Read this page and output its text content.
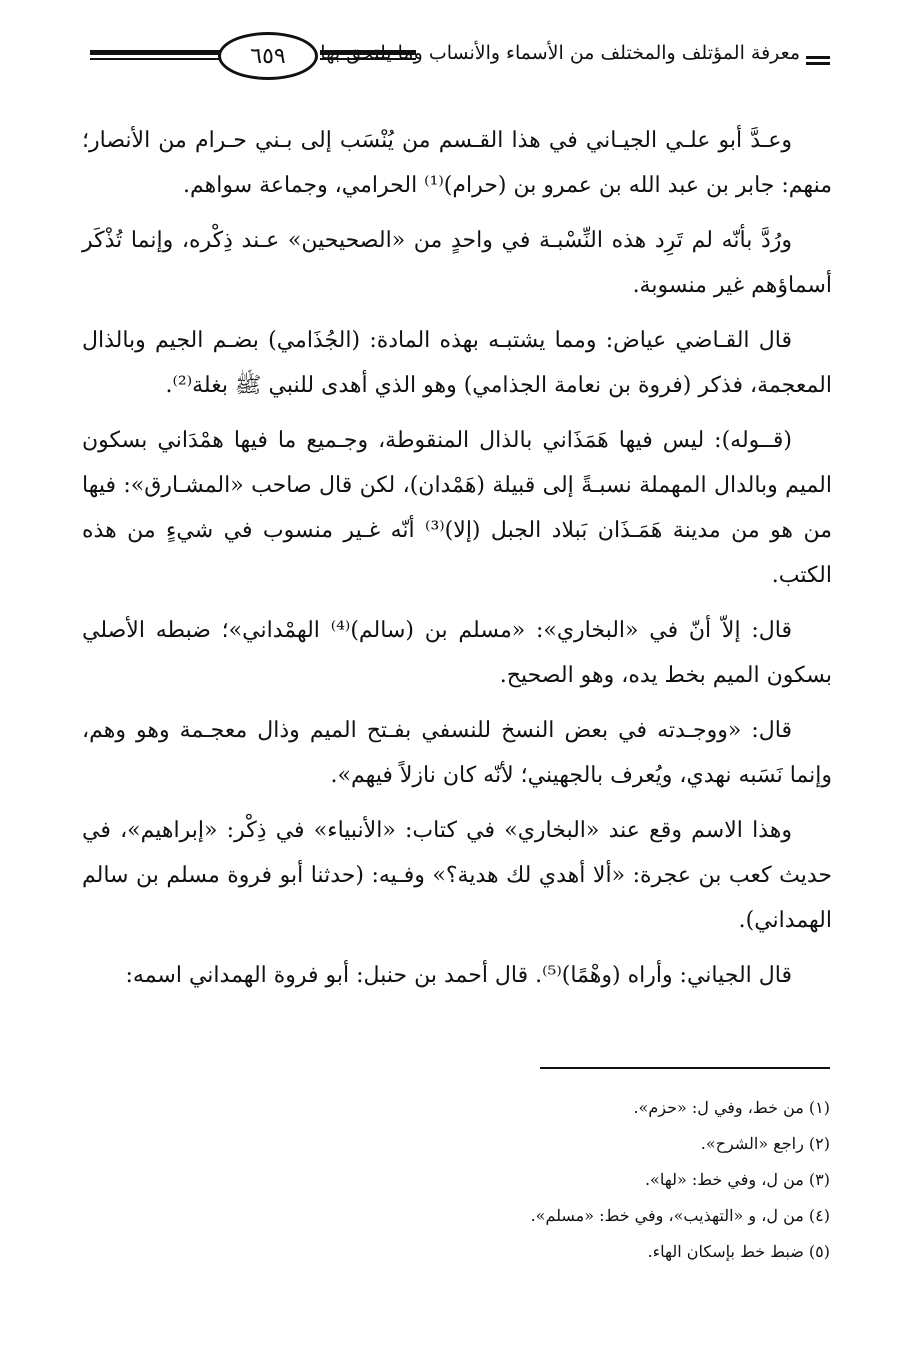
٦٥٩	معرفة المؤتلف والمختلف من الأسماء والأنساب وما يلتحق بها

وعـدَّ أبو علـي الجيـاني في هذا القـسم من يُنْسَب إلى بـني حـرام من الأنصار؛ منهم: جابر بن عبد الله بن عمرو بن (حرام)⁽¹⁾ الحرامي، وجماعة سواهم.

ورُدَّ بأنّه لم تَرِد هذه النِّسْبـة في واحدٍ من «الصحيحين» عـند ذِكْره، وإنما تُذْكَر أسماؤهم غير منسوبة.

قال القـاضي عياض: ومما يشتبـه بهذه المادة: (الجُذَامي) بضـم الجيم وبالذال المعجمة، فذكر (فروة بن نعامة الجذامي) وهو الذي أهدى للنبي ﷺ بغلة⁽²⁾.

(قــوله): ليس فيها هَمَذَاني بالذال المنقوطة، وجـميع ما فيها همْدَاني بسكون الميم وبالدال المهملة نسبـةً إلى قبيلة (هَمْدان)، لكن قال صاحب «المشـارق»: فيها من هو من مدينة هَمَـذَان بَبلاد الجبل (إلا)⁽³⁾ أنّه غـير منسوب في شيءٍ من هذه الكتب.

قال: إلاّ أنّ في «البخاري»: «مسلم بن (سالم)⁽⁴⁾ الهمْداني»؛ ضبطه الأصلي بسكون الميم بخط يده، وهو الصحيح.

قال: «ووجـدته في بعض النسخ للنسفي بفـتح الميم وذال معجـمة وهو وهم، وإنما نَسَبه نهدي، ويُعرف بالجهيني؛ لأنّه كان نازلاً فيهم».

وهذا الاسم وقع عند «البخاري» في كتاب: «الأنبياء» في ذِكْر: «إبراهيم»، في حديث كعب بن عجرة: «ألا أهدي لك هدية؟» وفـيه: (حدثنا أبو فروة مسلم بن سالم الهمداني).

قال الجياني: وأراه (وهْمًا)⁽⁵⁾. قال أحمد بن حنبل: أبو فروة الهمداني اسمه:

(١) من خط، وفي ل: «حزم».
(٢) راجع «الشرح».
(٣) من ل، وفي خط: «لها».
(٤) من ل، و «التهذيب»، وفي خط: «مسلم».
(٥) ضبط خط بإسكان الهاء.
